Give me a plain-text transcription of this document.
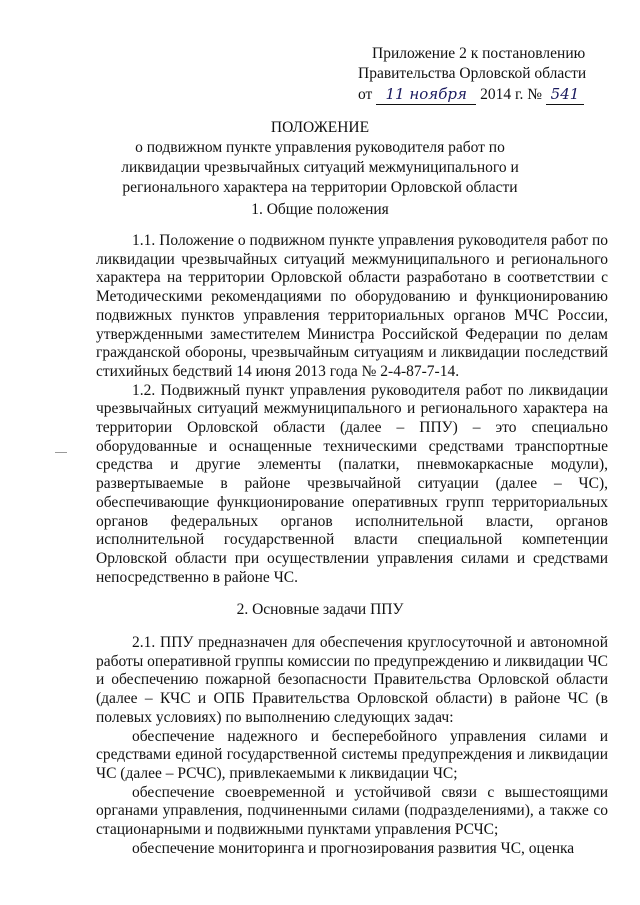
Приложение 2 к постановлению
Правительства Орловской области
от 11 ноября 2014 г. № 541
ПОЛОЖЕНИЕ
о подвижном пункте управления руководителя работ по ликвидации чрезвычайных ситуаций межмуниципального и регионального характера на территории Орловской области
1. Общие положения

1.1. Положение о подвижном пункте управления руководителя работ по ликвидации чрезвычайных ситуаций межмуниципального и регионального характера на территории Орловской области разработано в соответствии с Методическими рекомендациями по оборудованию и функционированию подвижных пунктов управления территориальных органов МЧС России, утвержденными заместителем Министра Российской Федерации по делам гражданской обороны, чрезвычайным ситуациям и ликвидации последствий стихийных бедствий 14 июня 2013 года № 2-4-87-7-14.

1.2. Подвижный пункт управления руководителя работ по ликвидации чрезвычайных ситуаций межмуниципального и регионального характера на территории Орловской области (далее – ППУ) – это специально оборудованные и оснащенные техническими средствами транспортные средства и другие элементы (палатки, пневмокаркасные модули), развертываемые в районе чрезвычайной ситуации (далее – ЧС), обеспечивающие функционирование оперативных групп территориальных органов федеральных органов исполнительной власти, органов исполнительной государственной власти специальной компетенции Орловской области при осуществлении управления силами и средствами непосредственно в районе ЧС.

2. Основные задачи ППУ

2.1. ППУ предназначен для обеспечения круглосуточной и автономной работы оперативной группы комиссии по предупреждению и ликвидации ЧС и обеспечению пожарной безопасности Правительства Орловской области (далее – КЧС и ОПБ Правительства Орловской области) в районе ЧС (в полевых условиях) по выполнению следующих задач:

обеспечение надежного и бесперебойного управления силами и средствами единой государственной системы предупреждения и ликвидации ЧС (далее – РСЧС), привлекаемыми к ликвидации ЧС;

обеспечение своевременной и устойчивой связи с вышестоящими органами управления, подчиненными силами (подразделениями), а также со стационарными и подвижными пунктами управления РСЧС;

обеспечение мониторинга и прогнозирования развития ЧС, оценка
